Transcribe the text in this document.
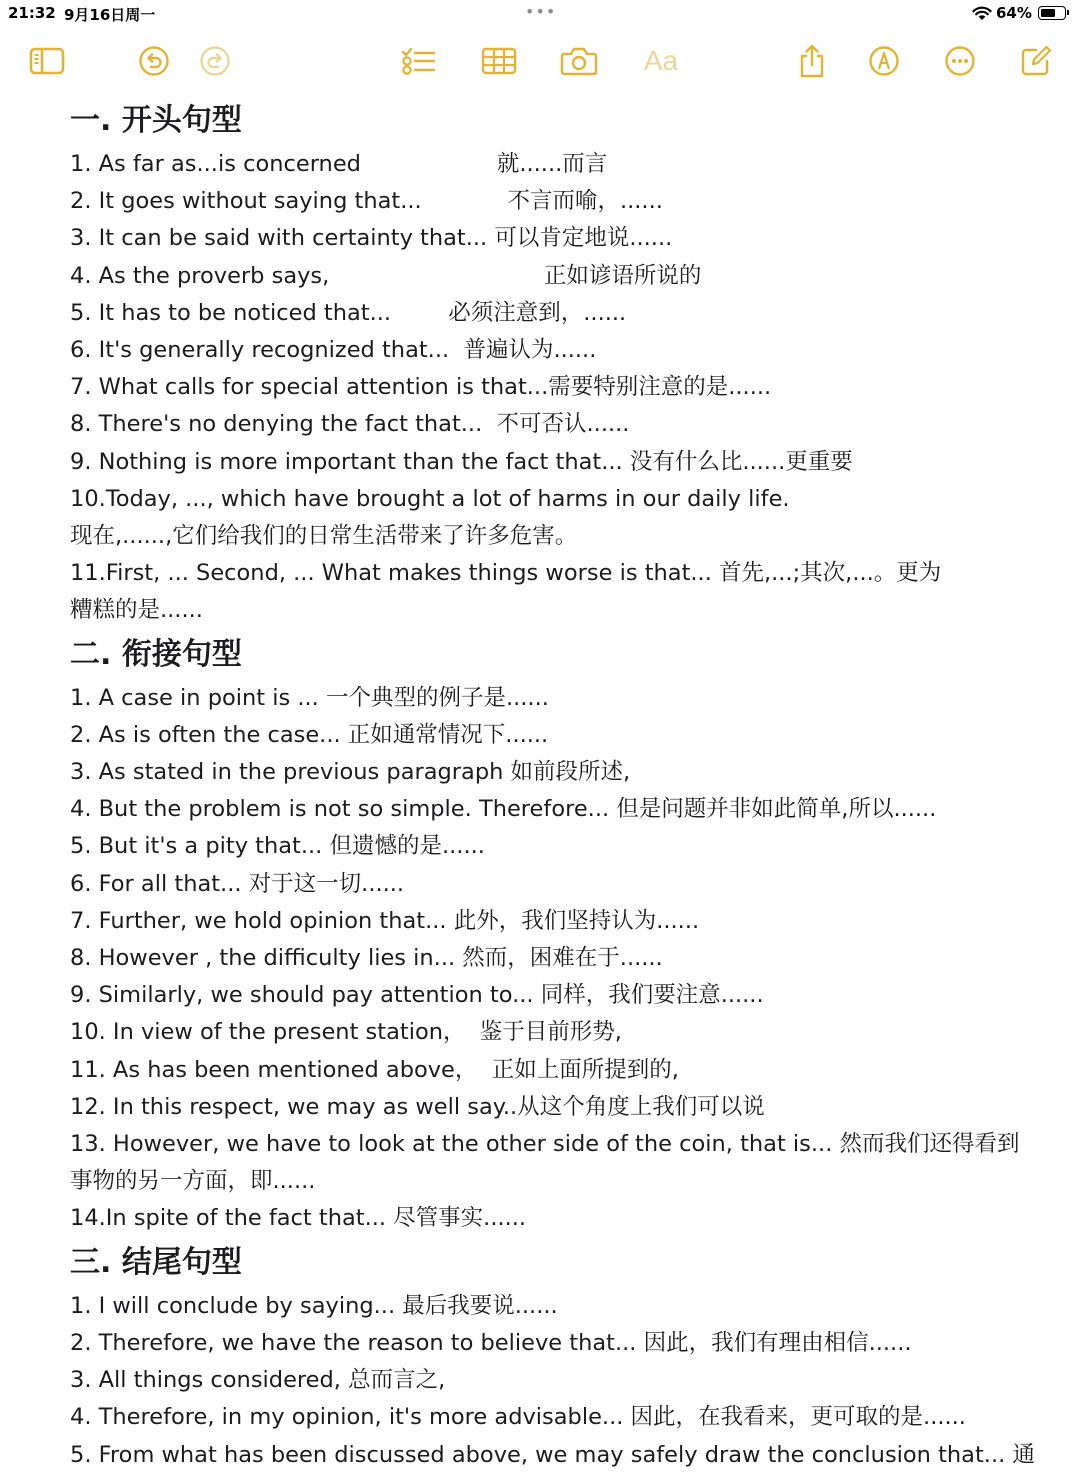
21:32 9月16日周一	•••	64%
Aa
一. 开头句型
1. As far as...is concerned                   就......而言
2. It goes without saying that...            不言而喻，......
3. It can be said with certainty that... 可以肯定地说......
4. As the proverb says,                              正如谚语所说的
5. It has to be noticed that...        必须注意到，......
6. It's generally recognized that...  普遍认为......
7. What calls for special attention is that...需要特别注意的是......
8. There's no denying the fact that...  不可否认......
9. Nothing is more important than the fact that... 没有什么比......更重要
10.Today, ..., which have brought a lot of harms in our daily life.
现在,......,它们给我们的日常生活带来了许多危害。
11.First, ... Second, ... What makes things worse is that... 首先,...;其次,...。更为
糟糕的是......
二. 衔接句型
1. A case in point is ... 一个典型的例子是......
2. As is often the case... 正如通常情况下......
3. As stated in the previous paragraph 如前段所述,
4. But the problem is not so simple. Therefore... 但是问题并非如此简单,所以......
5. But it's a pity that... 但遗憾的是......
6. For all that... 对于这一切......
7. Further, we hold opinion that... 此外，我们坚持认为......
8. However , the difficulty lies in... 然而，困难在于......
9. Similarly, we should pay attention to... 同样，我们要注意......
10. In view of the present station，  鉴于目前形势,
11. As has been mentioned above，  正如上面所提到的,
12. In this respect, we may as well say..从这个角度上我们可以说
13. However, we have to look at the other side of the coin, that is... 然而我们还得看到
事物的另一方面，即......
14.In spite of the fact that... 尽管事实......
三. 结尾句型
1. I will conclude by saying... 最后我要说......
2. Therefore, we have the reason to believe that... 因此，我们有理由相信......
3. All things considered, 总而言之,
4. Therefore, in my opinion, it's more advisable... 因此，在我看来，更可取的是......
5. From what has been discussed above, we may safely draw the conclusion that... 通
